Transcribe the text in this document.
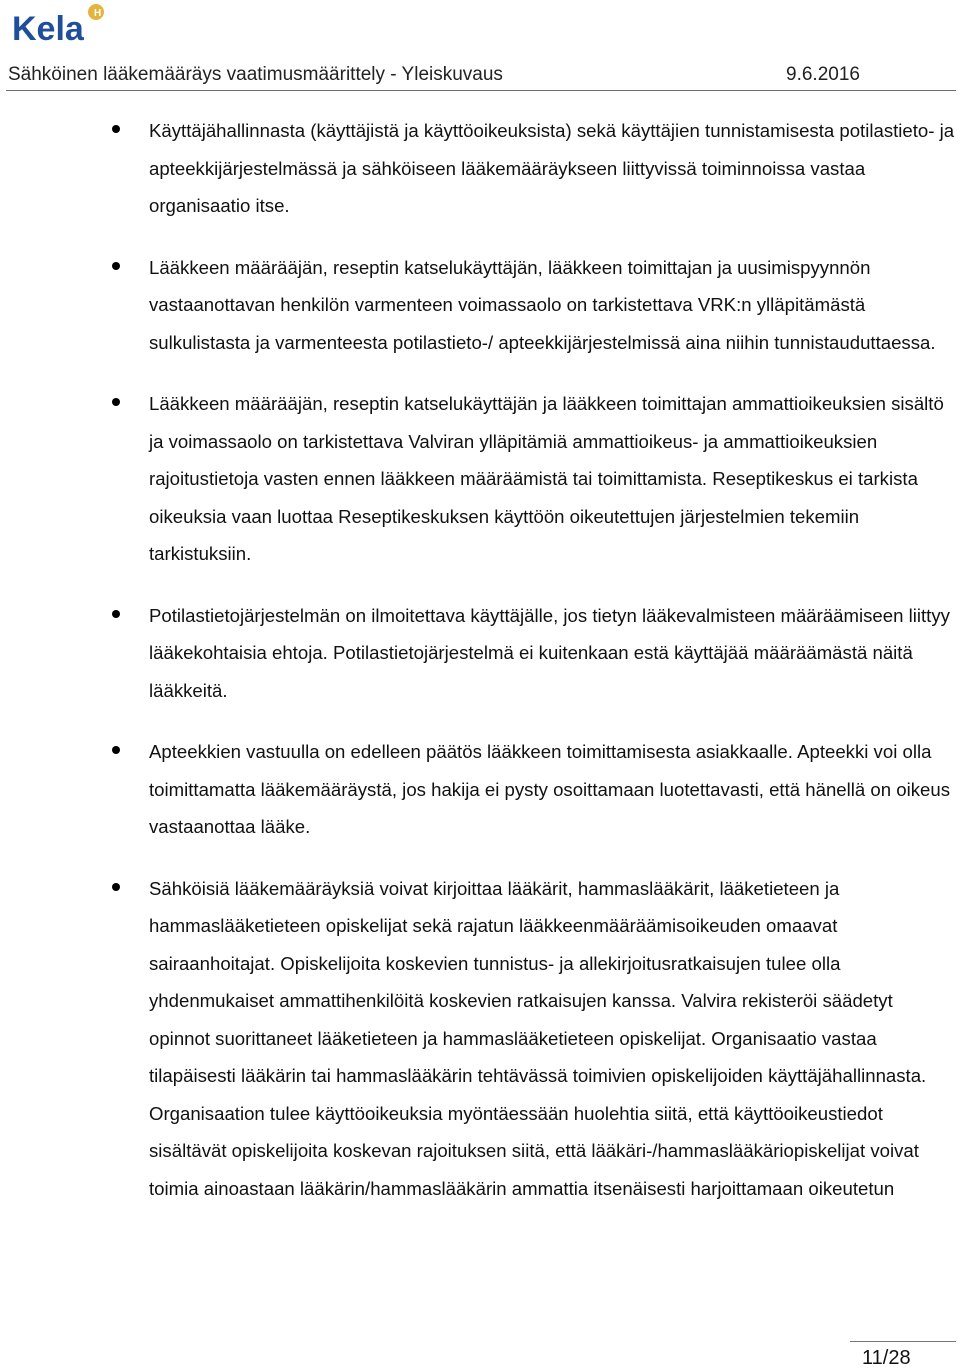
H
Kela
Sähköinen lääkemääräys vaatimusmäärittely - Yleiskuvaus	9.6.2016
Käyttäjähallinnasta (käyttäjistä ja käyttöoikeuksista) sekä käyttäjien tunnistamisesta potilastieto- ja apteekkijärjestelmässä ja sähköiseen lääkemääräykseen liittyvissä toiminnoissa vastaa organisaatio itse.
Lääkkeen määrääjän, reseptin katselukäyttäjän, lääkkeen toimittajan ja uusimispyynnön vastaanottavan henkilön varmenteen voimassaolo on tarkistettava VRK:n ylläpitämästä sulkulistasta ja varmenteesta potilastieto-/ apteekkijärjestelmissä aina niihin tunnistauduttaessa.
Lääkkeen määrääjän, reseptin katselukäyttäjän ja lääkkeen toimittajan ammattioikeuksien sisältö ja voimassaolo on tarkistettava Valviran ylläpitämiä ammattioikeus- ja ammattioikeuksien rajoitustietoja vasten ennen lääkkeen määräämistä tai toimittamista. Reseptikeskus ei tarkista oikeuksia vaan luottaa Reseptikeskuksen käyttöön oikeutettujen järjestelmien tekemiin tarkistuksiin.
Potilastietojärjestelmän on ilmoitettava käyttäjälle, jos tietyn lääkevalmisteen määräämiseen liittyy lääkekohtaisia ehtoja. Potilastietojärjestelmä ei kuitenkaan estä käyttäjää määräämästä näitä lääkkeitä.
Apteekkien vastuulla on edelleen päätös lääkkeen toimittamisesta asiakkaalle. Apteekki voi olla toimittamatta lääkemääräystä, jos hakija ei pysty osoittamaan luotettavasti, että hänellä on oikeus vastaanottaa lääke.
Sähköisiä lääkemääräyksiä voivat kirjoittaa lääkärit, hammaslääkärit, lääketieteen ja hammaslääketieteen opiskelijat sekä rajatun lääkkeenmääräämisoikeuden omaavat sairaanhoitajat. Opiskelijoita koskevien tunnistus- ja allekirjoitusratkaisujen tulee olla yhdenmukaiset ammattihenkilöitä koskevien ratkaisujen kanssa. Valvira rekisteröi säädetyt opinnot suorittaneet lääketieteen ja hammaslääketieteen opiskelijat. Organisaatio vastaa tilapäisesti lääkärin tai hammaslääkärin tehtävässä toimivien opiskelijoiden käyttäjähallinnasta. Organisaation tulee käyttöoikeuksia myöntäessään huolehtia siitä, että käyttöoikeustiedot sisältävät opiskelijoita koskevan rajoituksen siitä, että lääkäri-/hammaslääkäriopiskelijat voivat toimia ainoastaan lääkärin/hammaslääkärin ammattia itsenäisesti harjoittamaan oikeutetun
11/28
